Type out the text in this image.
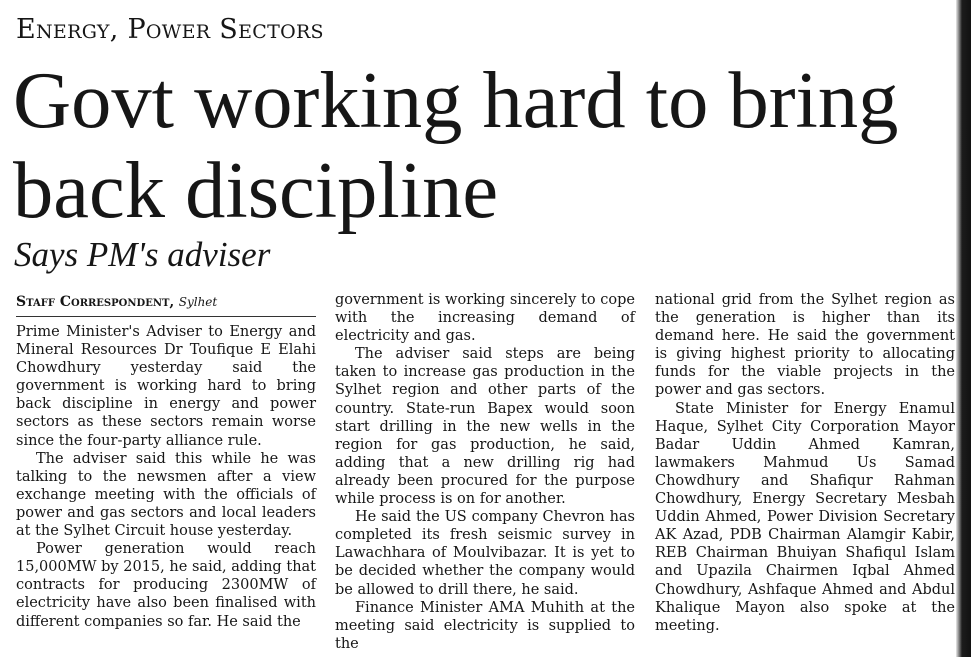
Energy, Power Sectors
Govt working hard to bring
back discipline
Says PM's adviser
Staff Correspondent, Sylhet

Prime Minister's Adviser to Energy and Mineral Resources Dr Toufique E Elahi Chowdhury yesterday said the government is working hard to bring back discipline in energy and power sectors as these sectors remain worse since the four-party alliance rule.

The adviser said this while he was talking to the newsmen after a view exchange meeting with the officials of power and gas sectors and local leaders at the Sylhet Circuit house yesterday.

Power generation would reach 15,000MW by 2015, he said, adding that contracts for producing 2300MW of electricity have also been finalised with different companies so far. He said the

government is working sincerely to cope with the increasing demand of electricity and gas.

The adviser said steps are being taken to increase gas production in the Sylhet region and other parts of the country. State-run Bapex would soon start drilling in the new wells in the region for gas production, he said, adding that a new drilling rig had already been procured for the purpose while process is on for another.

He said the US company Chevron has completed its fresh seismic survey in Lawachhara of Moulvibazar. It is yet to be decided whether the company would be allowed to drill there, he said.

Finance Minister AMA Muhith at the meeting said electricity is supplied to the

national grid from the Sylhet region as the generation is higher than its demand here. He said the government is giving highest priority to allocating funds for the viable projects in the power and gas sectors.

State Minister for Energy Enamul Haque, Sylhet City Corporation Mayor Badar Uddin Ahmed Kamran, lawmakers Mahmud Us Samad Chowdhury and Shafiqur Rahman Chowdhury, Energy Secretary Mesbah Uddin Ahmed, Power Division Secretary AK Azad, PDB Chairman Alamgir Kabir, REB Chairman Bhuiyan Shafiqul Islam and Upazila Chairmen Iqbal Ahmed Chowdhury, Ashfaque Ahmed and Abdul Khalique Mayon also spoke at the meeting.
